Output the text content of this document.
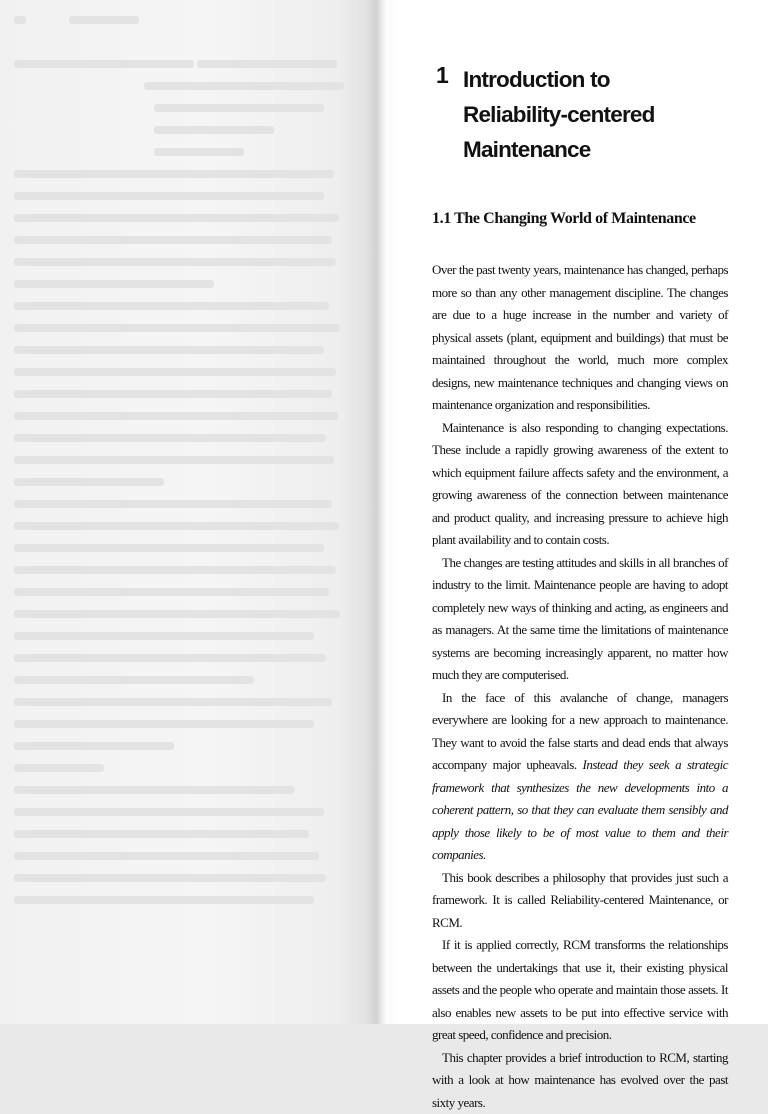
1 Introduction to
Reliability-centered Maintenance
1.1 The Changing World of Maintenance

Over the past twenty years, maintenance has changed, perhaps more so than any other management discipline. The changes are due to a huge increase in the number and variety of physical assets (plant, equipment and buildings) that must be maintained throughout the world, much more complex designs, new maintenance techniques and changing views on maintenance organization and responsibilities.

Maintenance is also responding to changing expectations. These include a rapidly growing awareness of the extent to which equipment failure affects safety and the environment, a growing awareness of the connection between maintenance and product quality, and increasing pressure to achieve high plant availability and to contain costs.

The changes are testing attitudes and skills in all branches of industry to the limit. Maintenance people are having to adopt completely new ways of thinking and acting, as engineers and as managers. At the same time the limitations of maintenance systems are becoming increasingly apparent, no matter how much they are computerised.

In the face of this avalanche of change, managers everywhere are looking for a new approach to maintenance. They want to avoid the false starts and dead ends that always accompany major upheavals. Instead they seek a strategic framework that synthesizes the new developments into a coherent pattern, so that they can evaluate them sensibly and apply those likely to be of most value to them and their companies.

This book describes a philosophy that provides just such a framework. It is called Reliability-centered Maintenance, or RCM.

If it is applied correctly, RCM transforms the relationships between the undertakings that use it, their existing physical assets and the people who operate and maintain those assets. It also enables new assets to be put into effective service with great speed, confidence and precision.

This chapter provides a brief introduction to RCM, starting with a look at how maintenance has evolved over the past sixty years.
